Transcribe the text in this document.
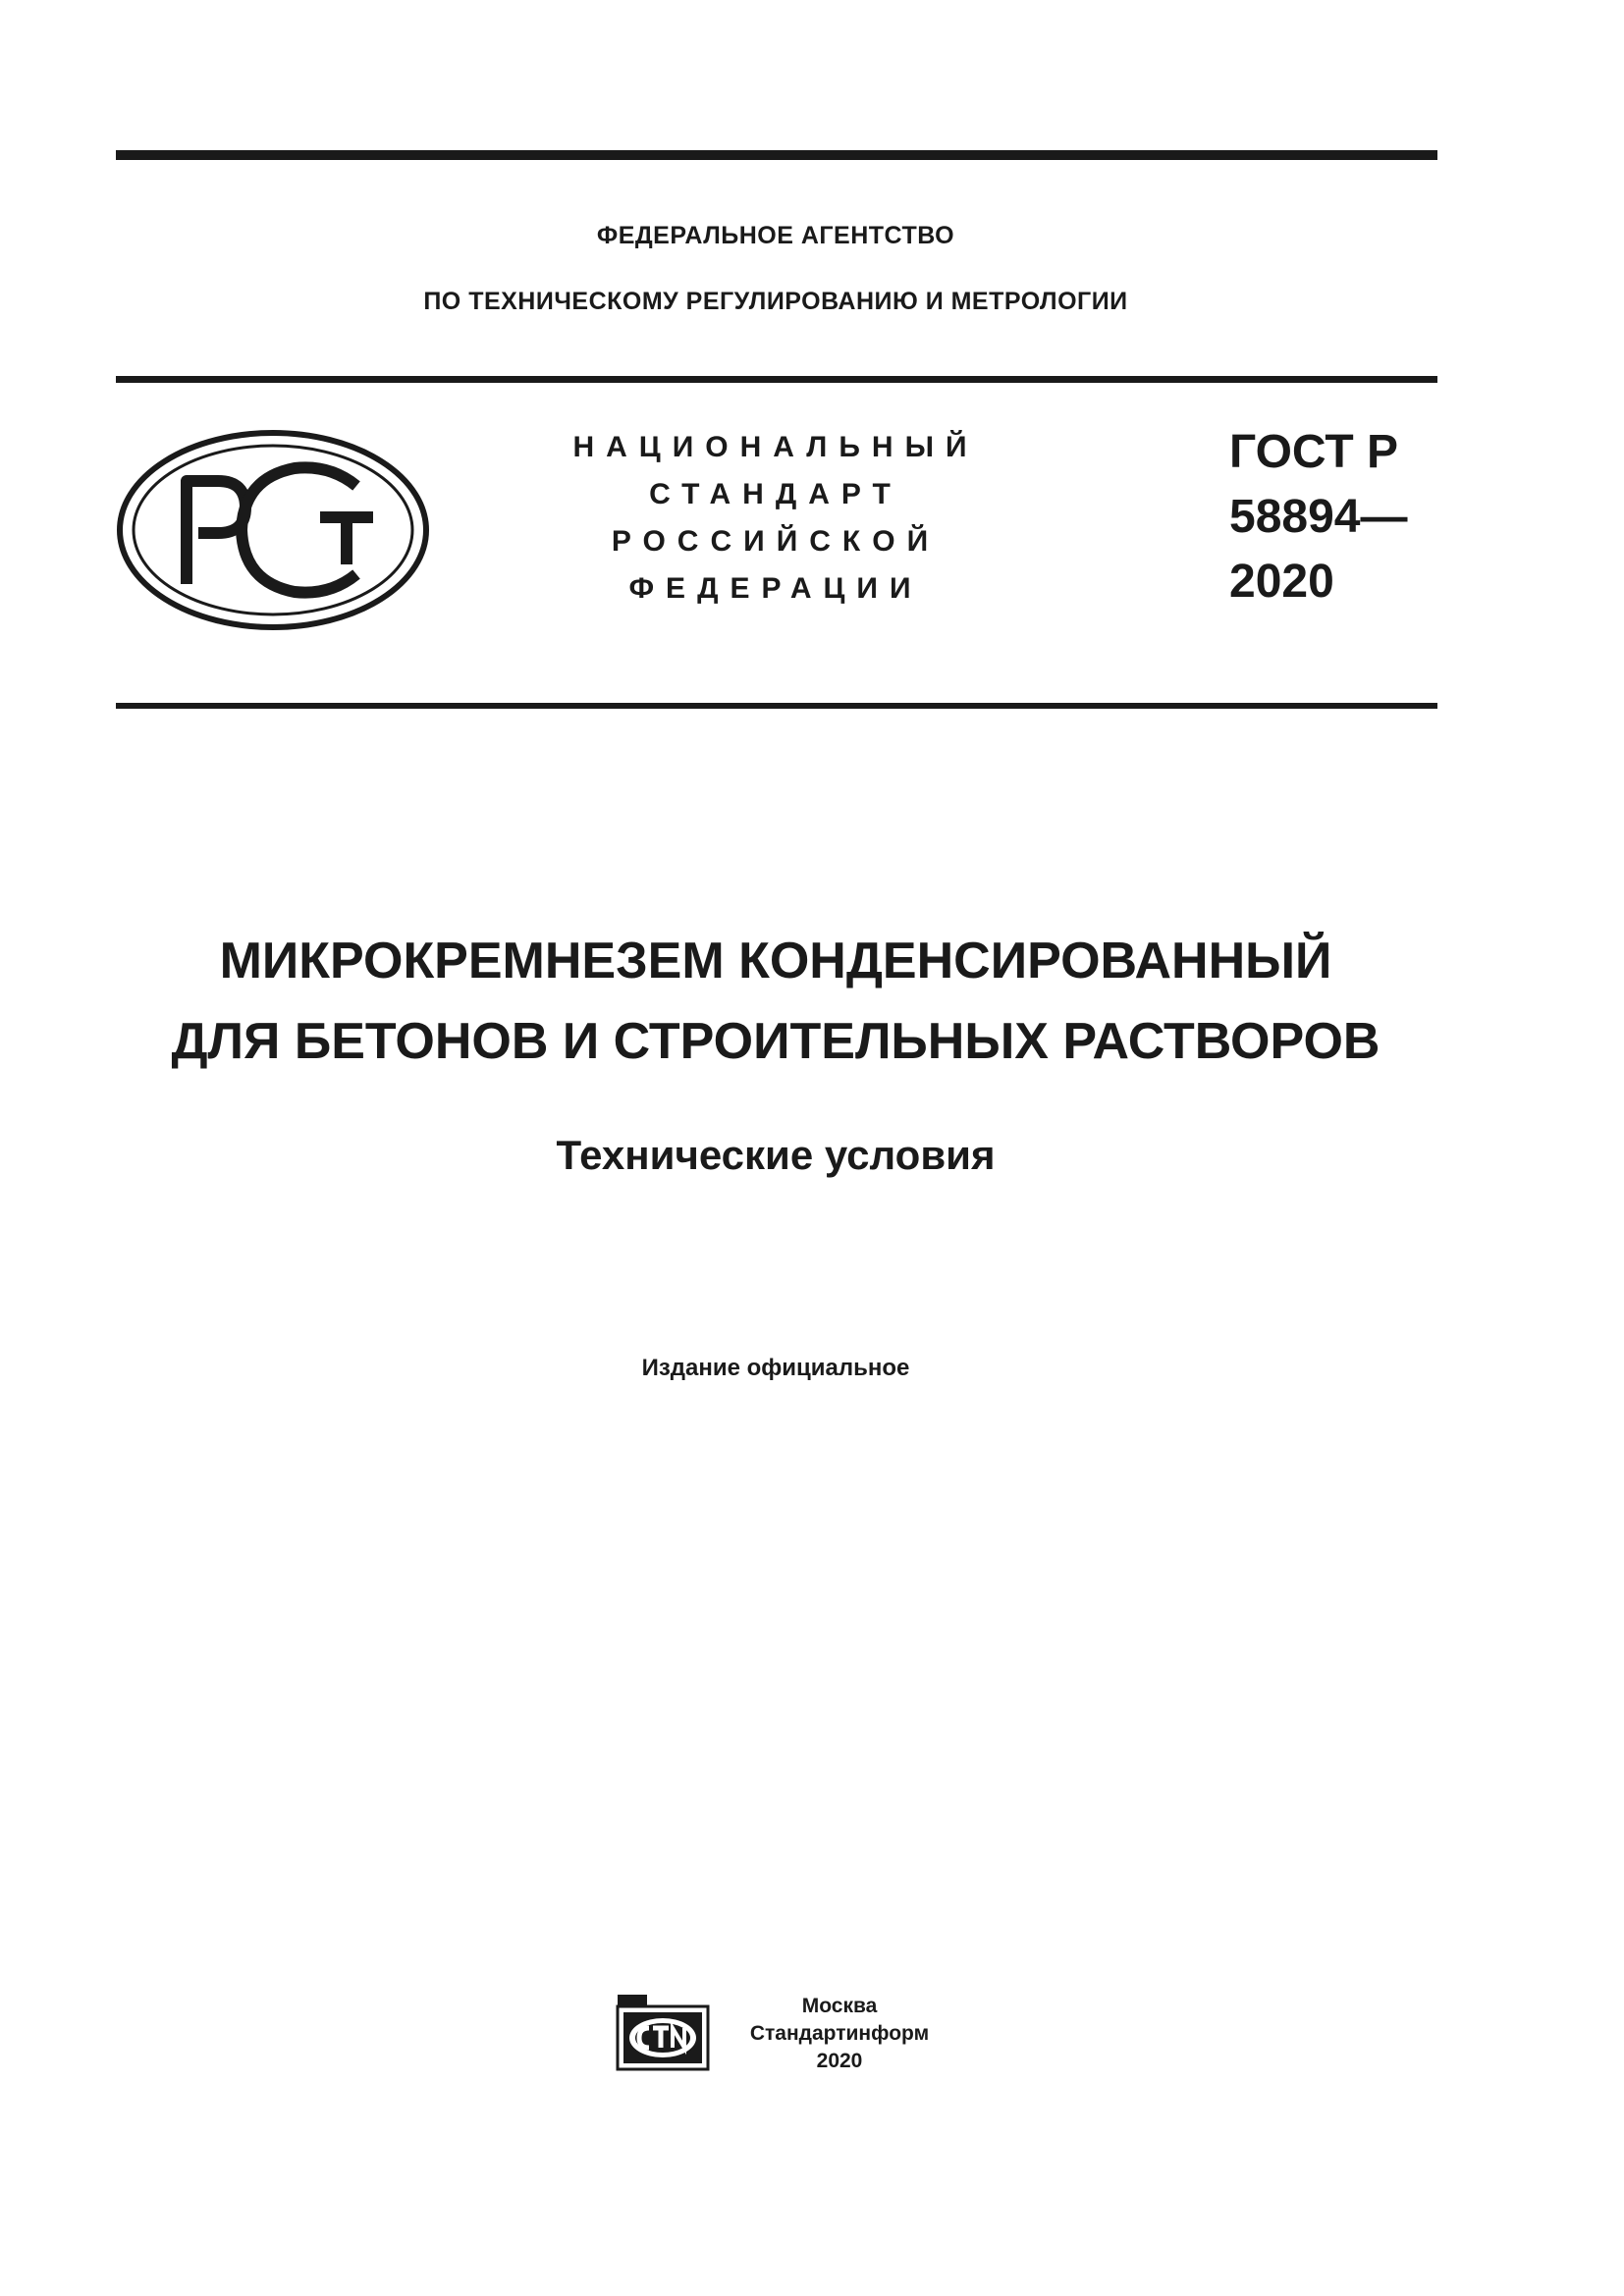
ФЕДЕРАЛЬНОЕ АГЕНТСТВО
ПО ТЕХНИЧЕСКОМУ РЕГУЛИРОВАНИЮ И МЕТРОЛОГИИ
НАЦИОНАЛЬНЫЙ
СТАНДАРТ
РОССИЙСКОЙ
ФЕДЕРАЦИИ
ГОСТ Р
58894—
2020
МИКРОКРЕМНЕЗЕМ КОНДЕНСИРОВАННЫЙ
ДЛЯ БЕТОНОВ И СТРОИТЕЛЬНЫХ РАСТВОРОВ
Технические условия
Издание официальное
Москва
Стандартинформ
2020
